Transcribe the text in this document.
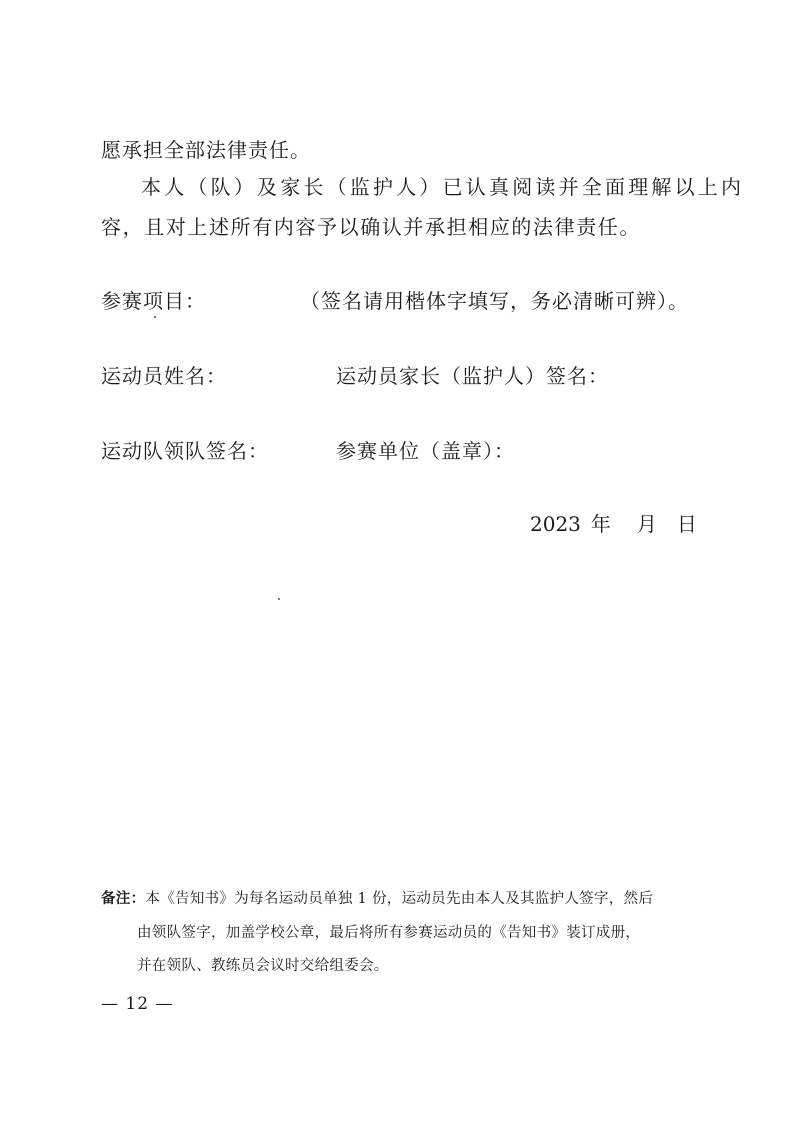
愿承担全部法律责任。
本人（队）及家长（监护人）已认真阅读并全面理解以上内
容，且对上述所有内容予以确认并承担相应的法律责任。
参赛项目：	（签名请用楷体字填写，务必清晰可辨）。
运动员姓名：	运动员家长（监护人）签名：
运动队领队签名：	参赛单位（盖章）：
2023 年 月 日
备注：本《告知书》为每名运动员单独 1 份，运动员先由本人及其监护人签字，然后
由领队签字，加盖学校公章，最后将所有参赛运动员的《告知书》装订成册，
并在领队、教练员会议时交给组委会。
— 12 —
